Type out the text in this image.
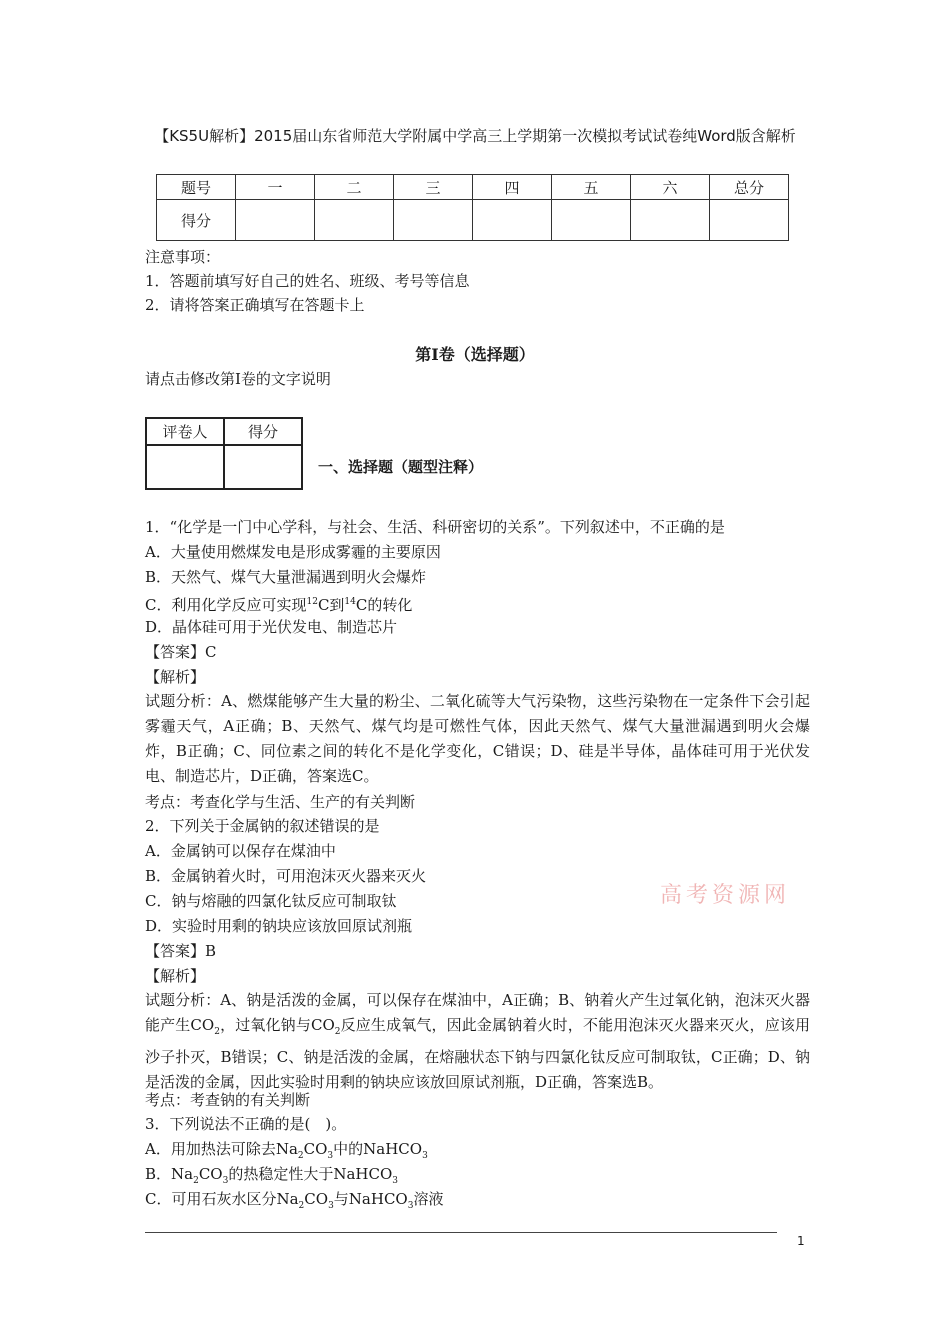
【KS5U解析】2015届山东省师范大学附属中学高三上学期第一次模拟考试试卷纯Word版含解析
题号	一	二	三	四	五	六	总分
得分							
注意事项：
1．答题前填写好自己的姓名、班级、考号等信息
2．请将答案正确填写在答题卡上
第I卷（选择题）
请点击修改第I卷的文字说明
评卷人	得分

一、选择题（题型注释）
1．“化学是一门中心学科，与社会、生活、科研密切的关系”。下列叙述中，不正确的是
A．大量使用燃煤发电是形成雾霾的主要原因
B．天然气、煤气大量泄漏遇到明火会爆炸
C．利用化学反应可实现$^{12}$C到$^{14}$C的转化
D．晶体硅可用于光伏发电、制造芯片
【答案】C
【解析】
试题分析：A、燃煤能够产生大量的粉尘、二氧化硫等大气污染物，这些污染物在一定条件下会引起雾霾天气，A正确；B、天然气、煤气均是可燃性气体，因此天然气、煤气大量泄漏遇到明火会爆炸，B正确；C、同位素之间的转化不是化学变化，C错误；D、硅是半导体，晶体硅可用于光伏发电、制造芯片，D正确，答案选C。
考点：考查化学与生活、生产的有关判断
2．下列关于金属钠的叙述错误的是
A．金属钠可以保存在煤油中
B．金属钠着火时，可用泡沫灭火器来灭火
C．钠与熔融的四氯化钛反应可制取钛
D．实验时用剩的钠块应该放回原试剂瓶
【答案】B
【解析】
试题分析：A、钠是活泼的金属，可以保存在煤油中，A正确；B、钠着火产生过氧化钠，泡沫灭火器能产生$CO_2$，过氧化钠与$CO_2$反应生成氧气，因此金属钠着火时，不能用泡沫灭火器来灭火，应该用沙子扑灭，B错误；C、钠是活泼的金属，在熔融状态下钠与四氯化钛反应可制取钛，C正确；D、钠是活泼的金属，因此实验时用剩的钠块应该放回原试剂瓶，D正确，答案选B。
考点：考查钠的有关判断
3．下列说法不正确的是(　)。
A．用加热法可除去$Na_2CO_3$中的NaHCO$_3$
B．$Na_2CO_3$的热稳定性大于NaHCO$_3$
C．可用石灰水区分$Na_2CO_3$与NaHCO$_3$溶液
高考资源网
1
